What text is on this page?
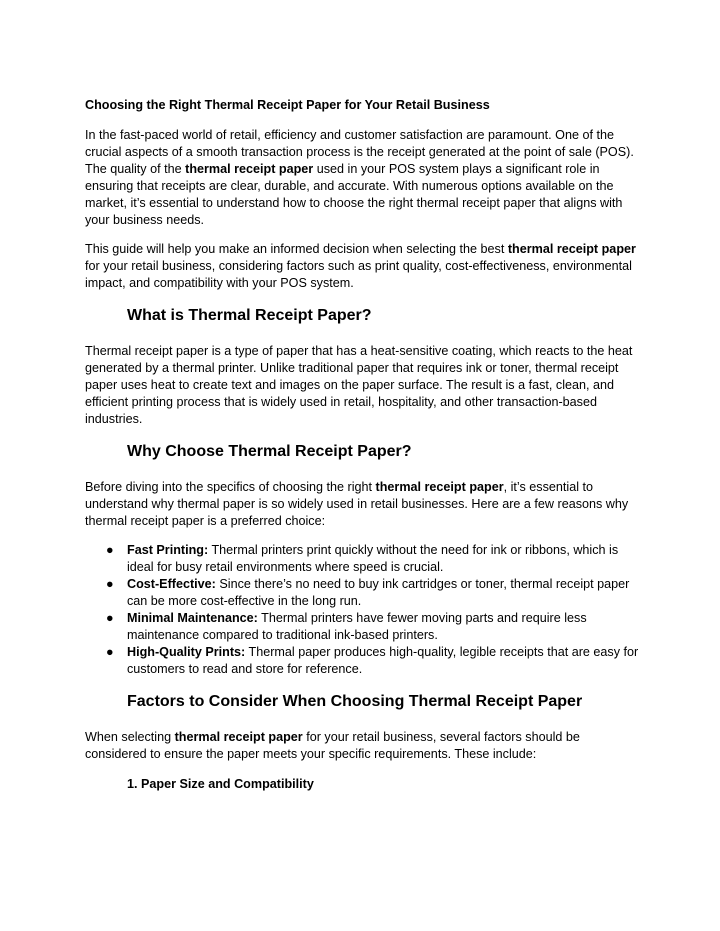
Choosing the Right Thermal Receipt Paper for Your Retail Business

In the fast-paced world of retail, efficiency and customer satisfaction are paramount. One of the crucial aspects of a smooth transaction process is the receipt generated at the point of sale (POS). The quality of the thermal receipt paper used in your POS system plays a significant role in ensuring that receipts are clear, durable, and accurate. With numerous options available on the market, it’s essential to understand how to choose the right thermal receipt paper that aligns with your business needs.

This guide will help you make an informed decision when selecting the best thermal receipt paper for your retail business, considering factors such as print quality, cost-effectiveness, environmental impact, and compatibility with your POS system.

What is Thermal Receipt Paper?

Thermal receipt paper is a type of paper that has a heat-sensitive coating, which reacts to the heat generated by a thermal printer. Unlike traditional paper that requires ink or toner, thermal receipt paper uses heat to create text and images on the paper surface. The result is a fast, clean, and efficient printing process that is widely used in retail, hospitality, and other transaction-based industries.

Why Choose Thermal Receipt Paper?

Before diving into the specifics of choosing the right thermal receipt paper, it’s essential to understand why thermal paper is so widely used in retail businesses. Here are a few reasons why thermal receipt paper is a preferred choice:

● Fast Printing: Thermal printers print quickly without the need for ink or ribbons, which is ideal for busy retail environments where speed is crucial.
● Cost-Effective: Since there’s no need to buy ink cartridges or toner, thermal receipt paper can be more cost-effective in the long run.
● Minimal Maintenance: Thermal printers have fewer moving parts and require less maintenance compared to traditional ink-based printers.
● High-Quality Prints: Thermal paper produces high-quality, legible receipts that are easy for customers to read and store for reference.
Factors to Consider When Choosing Thermal Receipt Paper

When selecting thermal receipt paper for your retail business, several factors should be considered to ensure the paper meets your specific requirements. These include:

1. Paper Size and Compatibility
